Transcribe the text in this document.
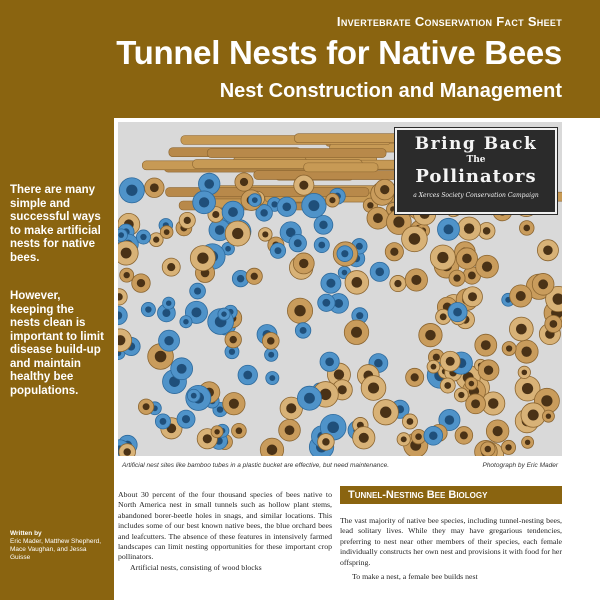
Invertebrate Conservation Fact Sheet
Tunnel Nests for Native Bees
Nest Construction and Management

There are many simple and successful ways to make artificial nests for native bees.

However, keeping the nests clean is important to limit disease build-up and maintain healthy bee populations.

Written by
Eric Mader, Matthew Shepherd, Mace Vaughan, and Jessa Guisse
Bring Back
The
Pollinators
a Xerces Society Conservation Campaign
Artificial nest sites like bamboo tubes in a plastic bucket are effective, but need maintenance.	Photograph by Eric Mader

About 30 percent of the four thousand species of bees native to North America nest in small tunnels such as hollow plant stems, abandoned borer-beetle holes in snags, and similar locations. This includes some of our best known native bees, the blue orchard bees and leafcutters. The absence of these features in intensively farmed landscapes can limit nesting opportunities for these important crop pollinators.

Artificial nests, consisting of wood blocks

Tunnel-Nesting Bee Biology

The vast majority of native bee species, including tunnel-nesting bees, lead solitary lives. While they may have gregarious tendencies, preferring to nest near other members of their species, each female individually constructs her own nest and provisions it with food for her offspring.

To make a nest, a female bee builds nest
